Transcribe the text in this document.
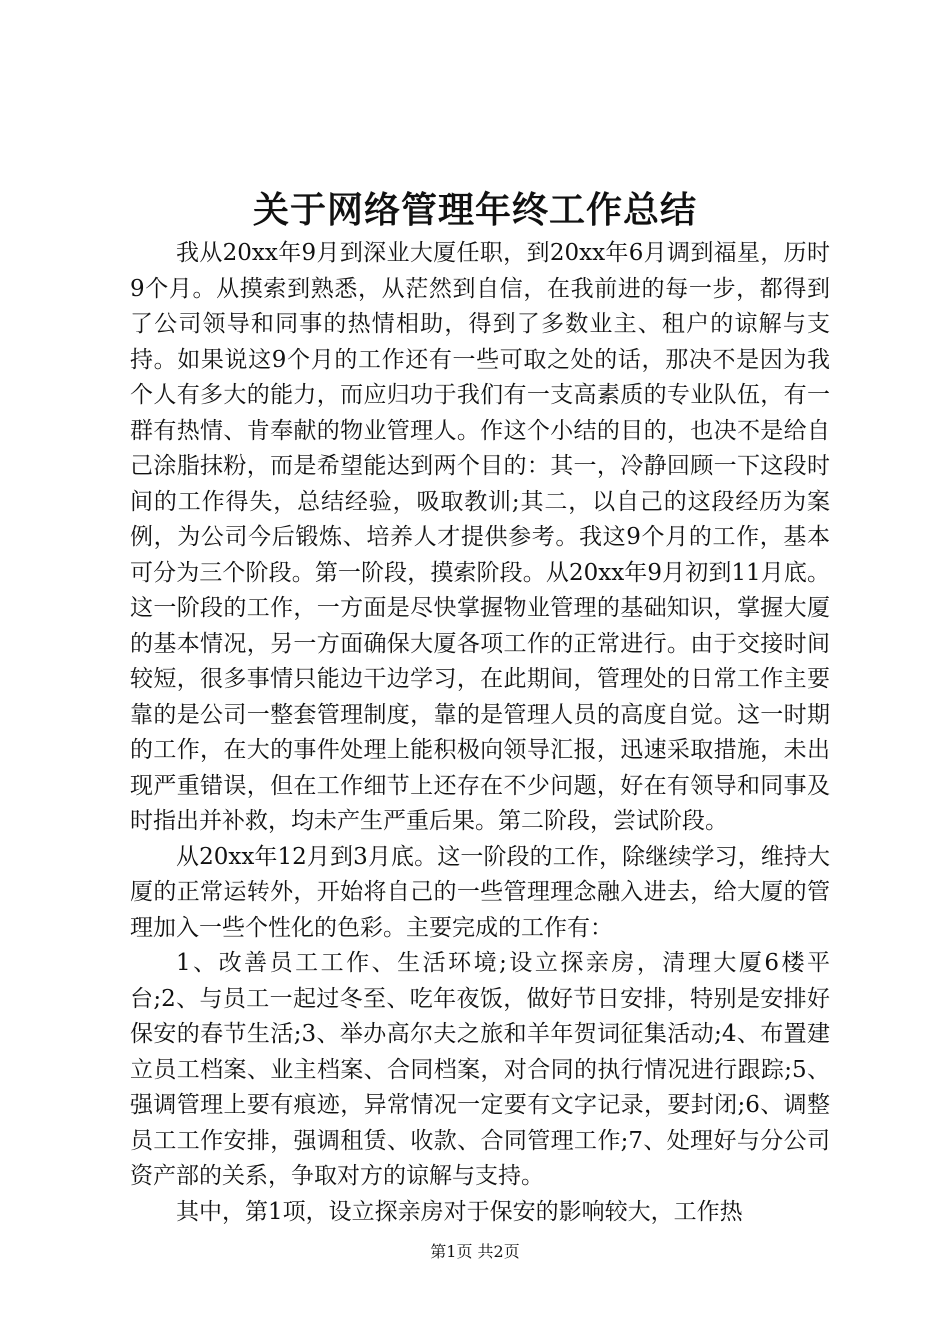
关于网络管理年终工作总结

我从20xx年9月到深业大厦任职，到20xx年6月调到福星，历时9个月。从摸索到熟悉，从茫然到自信，在我前进的每一步，都得到了公司领导和同事的热情相助，得到了多数业主、租户的谅解与支持。如果说这9个月的工作还有一些可取之处的话，那决不是因为我个人有多大的能力，而应归功于我们有一支高素质的专业队伍，有一群有热情、肯奉献的物业管理人。作这个小结的目的，也决不是给自己涂脂抹粉，而是希望能达到两个目的：其一，冷静回顾一下这段时间的工作得失，总结经验，吸取教训;其二，以自己的这段经历为案例，为公司今后锻炼、培养人才提供参考。我这9个月的工作，基本可分为三个阶段。第一阶段，摸索阶段。从20xx年9月初到11月底。这一阶段的工作，一方面是尽快掌握物业管理的基础知识，掌握大厦的基本情况，另一方面确保大厦各项工作的正常进行。由于交接时间较短，很多事情只能边干边学习，在此期间，管理处的日常工作主要靠的是公司一整套管理制度，靠的是管理人员的高度自觉。这一时期的工作，在大的事件处理上能积极向领导汇报，迅速采取措施，未出现严重错误，但在工作细节上还存在不少问题，好在有领导和同事及时指出并补救，均未产生严重后果。第二阶段，尝试阶段。

从20xx年12月到3月底。这一阶段的工作，除继续学习，维持大厦的正常运转外，开始将自己的一些管理理念融入进去，给大厦的管理加入一些个性化的色彩。主要完成的工作有：

1、改善员工工作、生活环境;设立探亲房，清理大厦6楼平台;2、与员工一起过冬至、吃年夜饭，做好节日安排，特别是安排好保安的春节生活;3、举办高尔夫之旅和羊年贺词征集活动;4、布置建立员工档案、业主档案、合同档案，对合同的执行情况进行跟踪;5、强调管理上要有痕迹，异常情况一定要有文字记录，要封闭;6、调整员工工作安排，强调租赁、收款、合同管理工作;7、处理好与分公司资产部的关系，争取对方的谅解与支持。

其中，第1项，设立探亲房对于保安的影响较大，工作热

第1页 共2页
